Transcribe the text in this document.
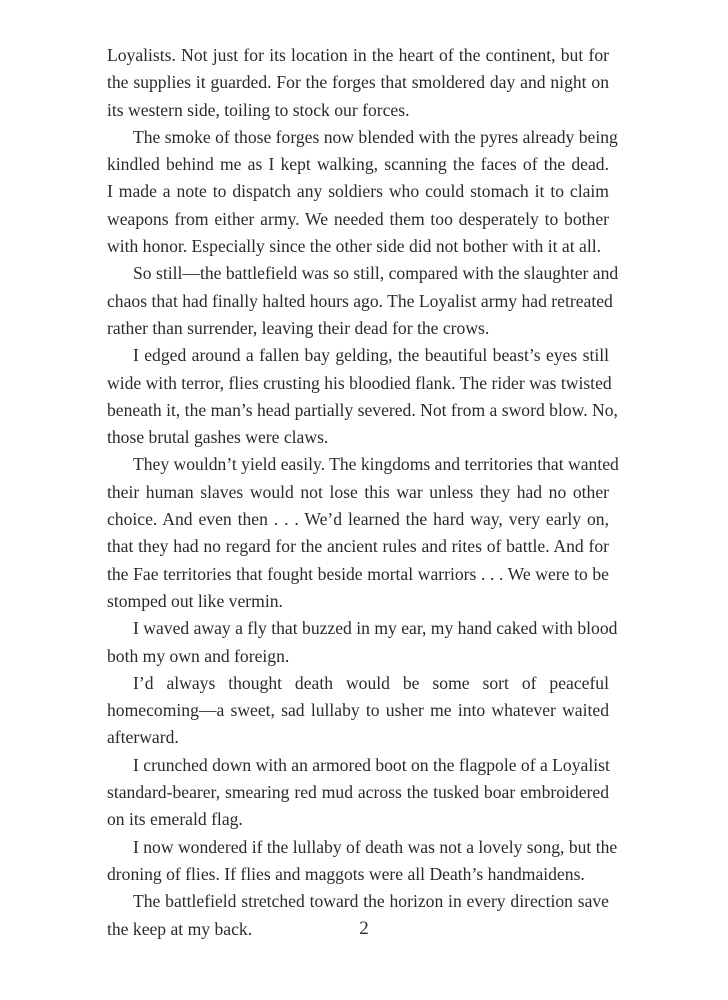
Loyalists. Not just for its location in the heart of the continent, but for
the supplies it guarded. For the forges that smoldered day and night on
its western side, toiling to stock our forces.
The smoke of those forges now blended with the pyres already being
kindled behind me as I kept walking, scanning the faces of the dead.
I made a note to dispatch any soldiers who could stomach it to claim
weapons from either army. We needed them too desperately to bother
with honor. Especially since the other side did not bother with it at all.
So still—the battlefield was so still, compared with the slaughter and
chaos that had finally halted hours ago. The Loyalist army had retreated
rather than surrender, leaving their dead for the crows.
I edged around a fallen bay gelding, the beautiful beast’s eyes still
wide with terror, flies crusting his bloodied flank. The rider was twisted
beneath it, the man’s head partially severed. Not from a sword blow. No,
those brutal gashes were claws.
They wouldn’t yield easily. The kingdoms and territories that wanted
their human slaves would not lose this war unless they had no other
choice. And even then . . . We’d learned the hard way, very early on,
that they had no regard for the ancient rules and rites of battle. And for
the Fae territories that fought beside mortal warriors . . . We were to be
stomped out like vermin.
I waved away a fly that buzzed in my ear, my hand caked with blood
both my own and foreign.
I’d always thought death would be some sort of peaceful
homecoming—a sweet, sad lullaby to usher me into whatever waited
afterward.
I crunched down with an armored boot on the flagpole of a Loyalist
standard-bearer, smearing red mud across the tusked boar embroidered
on its emerald flag.
I now wondered if the lullaby of death was not a lovely song, but the
droning of flies. If flies and maggots were all Death’s handmaidens.
The battlefield stretched toward the horizon in every direction save
the keep at my back.	2
